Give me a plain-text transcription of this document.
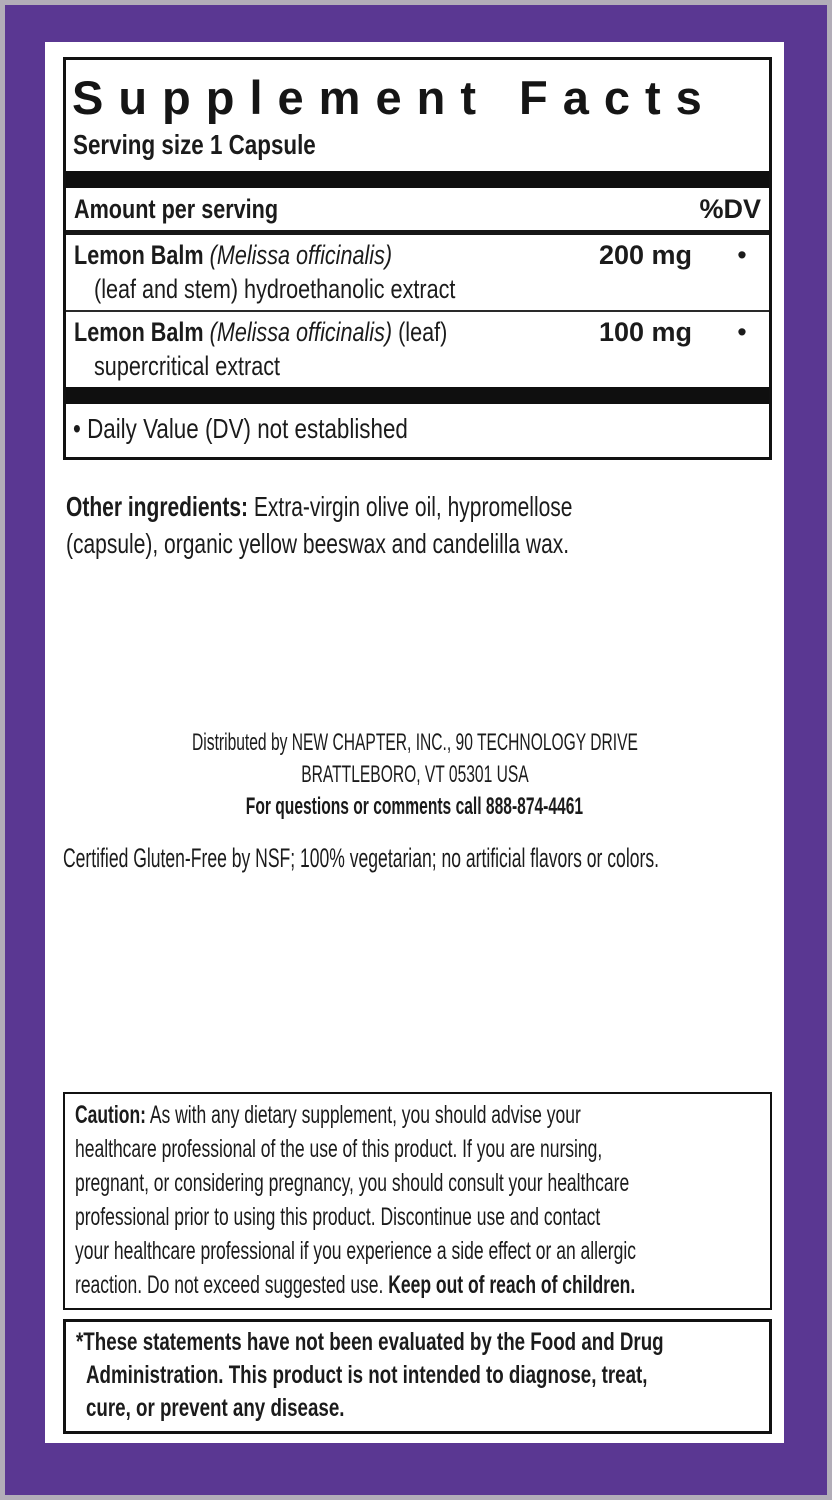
Supplement Facts
Serving size 1 Capsule
Amount per serving	%DV
Lemon Balm (Melissa officinalis)	200 mg	•
(leaf and stem) hydroethanolic extract
Lemon Balm (Melissa officinalis) (leaf)	100 mg	•
supercritical extract
• Daily Value (DV) not established
Other ingredients: Extra-virgin olive oil, hypromellose
(capsule), organic yellow beeswax and candelilla wax.
Distributed by NEW CHAPTER, INC., 90 TECHNOLOGY DRIVE
BRATTLEBORO, VT 05301 USA
For questions or comments call 888-874-4461
Certified Gluten-Free by NSF; 100% vegetarian; no artificial flavors or colors.
Caution: As with any dietary supplement, you should advise your
healthcare professional of the use of this product. If you are nursing,
pregnant, or considering pregnancy, you should consult your healthcare
professional prior to using this product. Discontinue use and contact
your healthcare professional if you experience a side effect or an allergic
reaction. Do not exceed suggested use. Keep out of reach of children.
*These statements have not been evaluated by the Food and Drug
Administration. This product is not intended to diagnose, treat,
cure, or prevent any disease.
